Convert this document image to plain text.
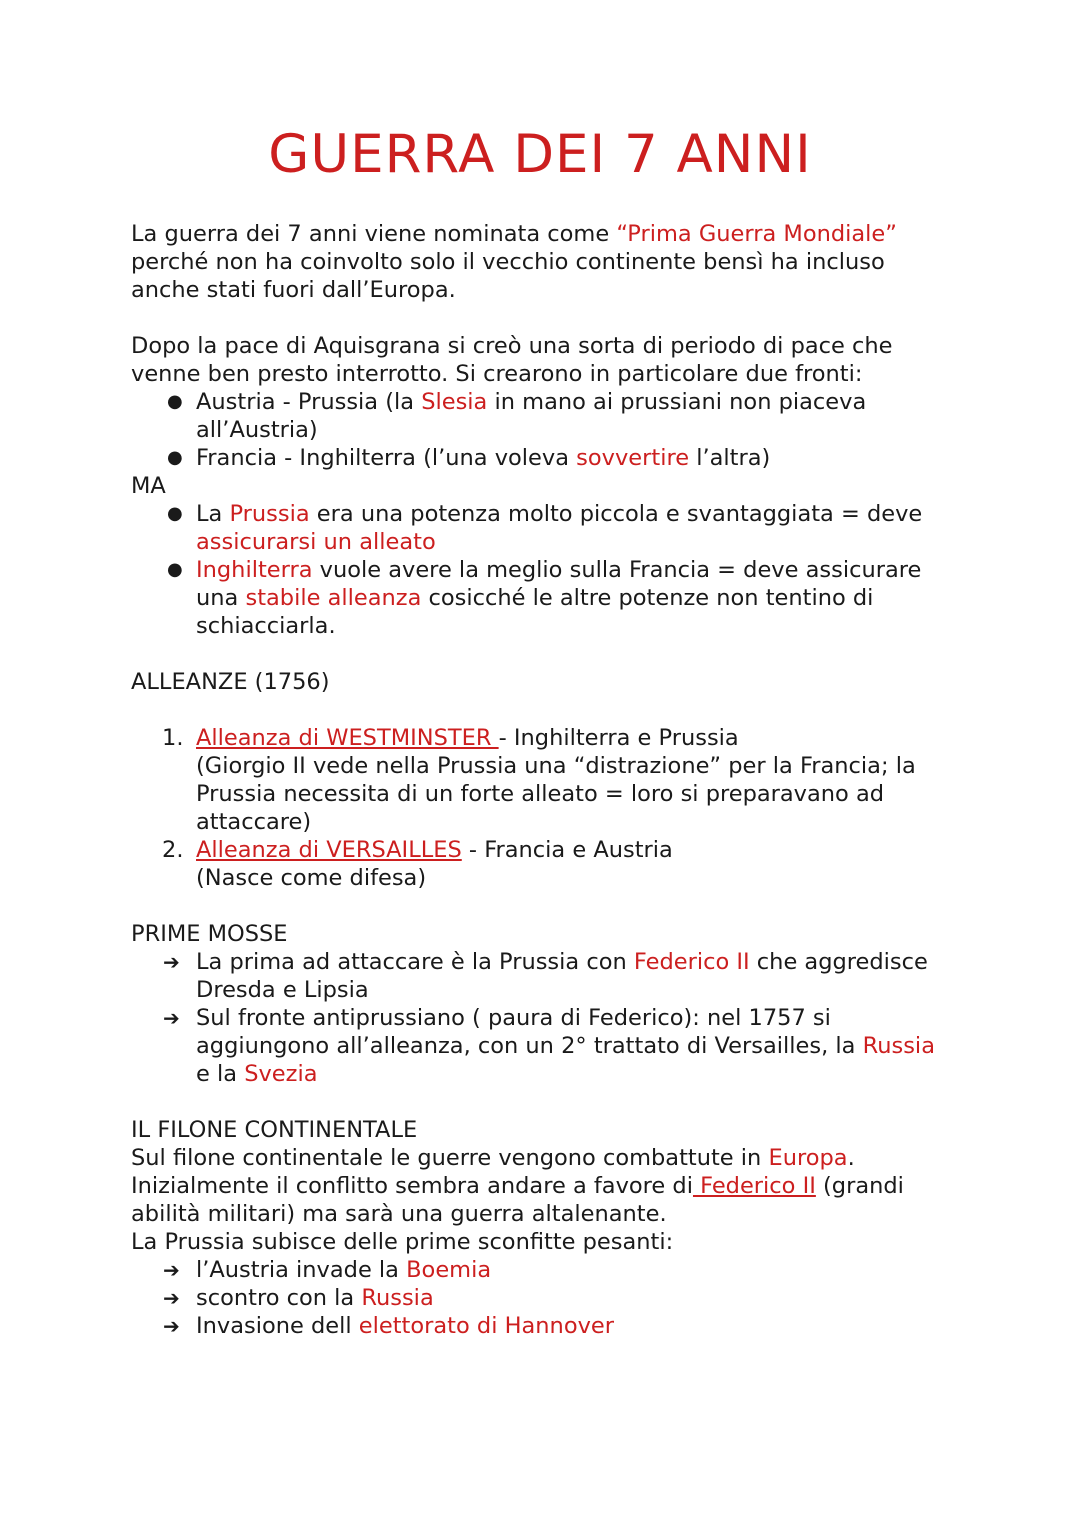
GUERRA DEI 7 ANNI

La guerra dei 7 anni viene nominata come “Prima Guerra Mondiale”

perché non ha coinvolto solo il vecchio continente bensì ha incluso

anche stati fuori dall’Europa.

Dopo la pace di Aquisgrana si creò una sorta di periodo di pace che

venne ben presto interrotto. Si crearono in particolare due fronti:

● Austria - Prussia (la Slesia in mano ai prussiani non piaceva
all’Austria)
● Francia - Inghilterra (l’una voleva sovvertire l’altra)

MA

● La Prussia era una potenza molto piccola e svantaggiata = deve
assicurarsi un alleato
● Inghilterra vuole avere la meglio sulla Francia = deve assicurare
una stabile alleanza cosicché le altre potenze non tentino di
schiacciarla.

ALLEANZE (1756)

1. Alleanza di WESTMINSTER - Inghilterra e Prussia
(Giorgio II vede nella Prussia una “distrazione” per la Francia; la
Prussia necessita di un forte alleato = loro si preparavano ad
attaccare)
2. Alleanza di VERSAILLES - Francia e Austria
(Nasce come difesa)

PRIME MOSSE

➔ La prima ad attaccare è la Prussia con Federico II che aggredisce
Dresda e Lipsia
➔ Sul fronte antiprussiano ( paura di Federico): nel 1757 si
aggiungono all’alleanza, con un 2° trattato di Versailles, la Russia
e la Svezia

IL FILONE CONTINENTALE

Sul filone continentale le guerre vengono combattute in Europa.

Inizialmente il conflitto sembra andare a favore di Federico II (grandi

abilità militari) ma sarà una guerra altalenante.

La Prussia subisce delle prime sconfitte pesanti:

➔ l’Austria invade la Boemia
➔ scontro con la Russia
➔ Invasione dell elettorato di Hannover
